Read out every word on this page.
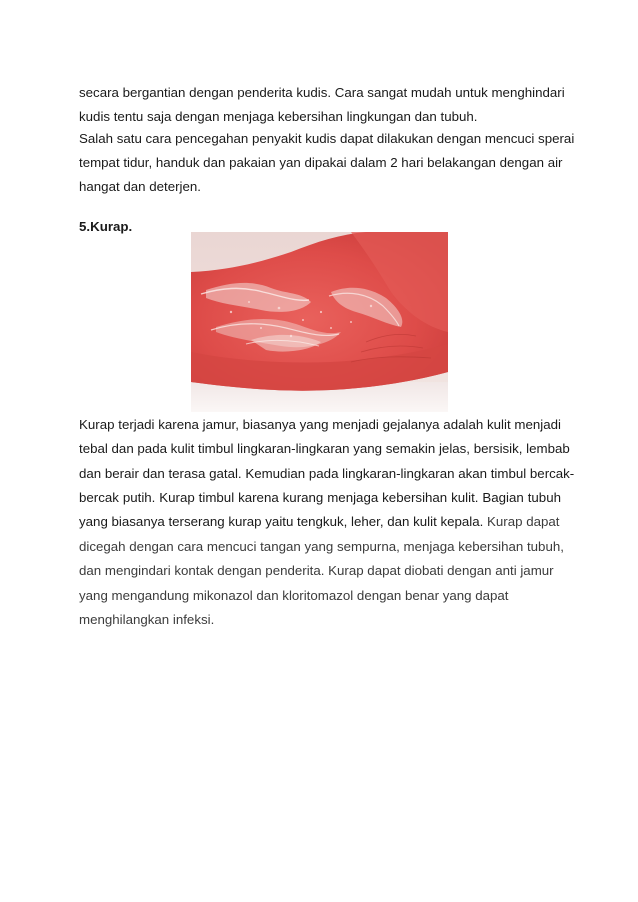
secara bergantian dengan penderita kudis. Cara sangat mudah untuk menghindari

kudis tentu saja dengan menjaga kebersihan lingkungan dan tubuh.

Salah satu cara pencegahan penyakit kudis dapat dilakukan dengan mencuci sperai

tempat tidur, handuk dan pakaian yan dipakai dalam 2 hari belakangan dengan air

hangat dan deterjen.

5.Kurap.

Kurap terjadi karena jamur, biasanya yang menjadi gejalanya adalah kulit menjadi

tebal dan pada kulit timbul lingkaran-lingkaran yang semakin jelas, bersisik, lembab

dan berair dan terasa gatal. Kemudian pada lingkaran-lingkaran akan timbul bercak-

bercak putih. Kurap timbul karena kurang menjaga kebersihan kulit. Bagian tubuh

yang biasanya terserang kurap yaitu tengkuk, leher, dan kulit kepala. Kurap dapat

dicegah dengan cara mencuci tangan yang sempurna, menjaga kebersihan tubuh,

dan mengindari kontak dengan penderita. Kurap dapat diobati dengan anti jamur

yang mengandung mikonazol dan kloritomazol dengan benar yang dapat

menghilangkan infeksi.
